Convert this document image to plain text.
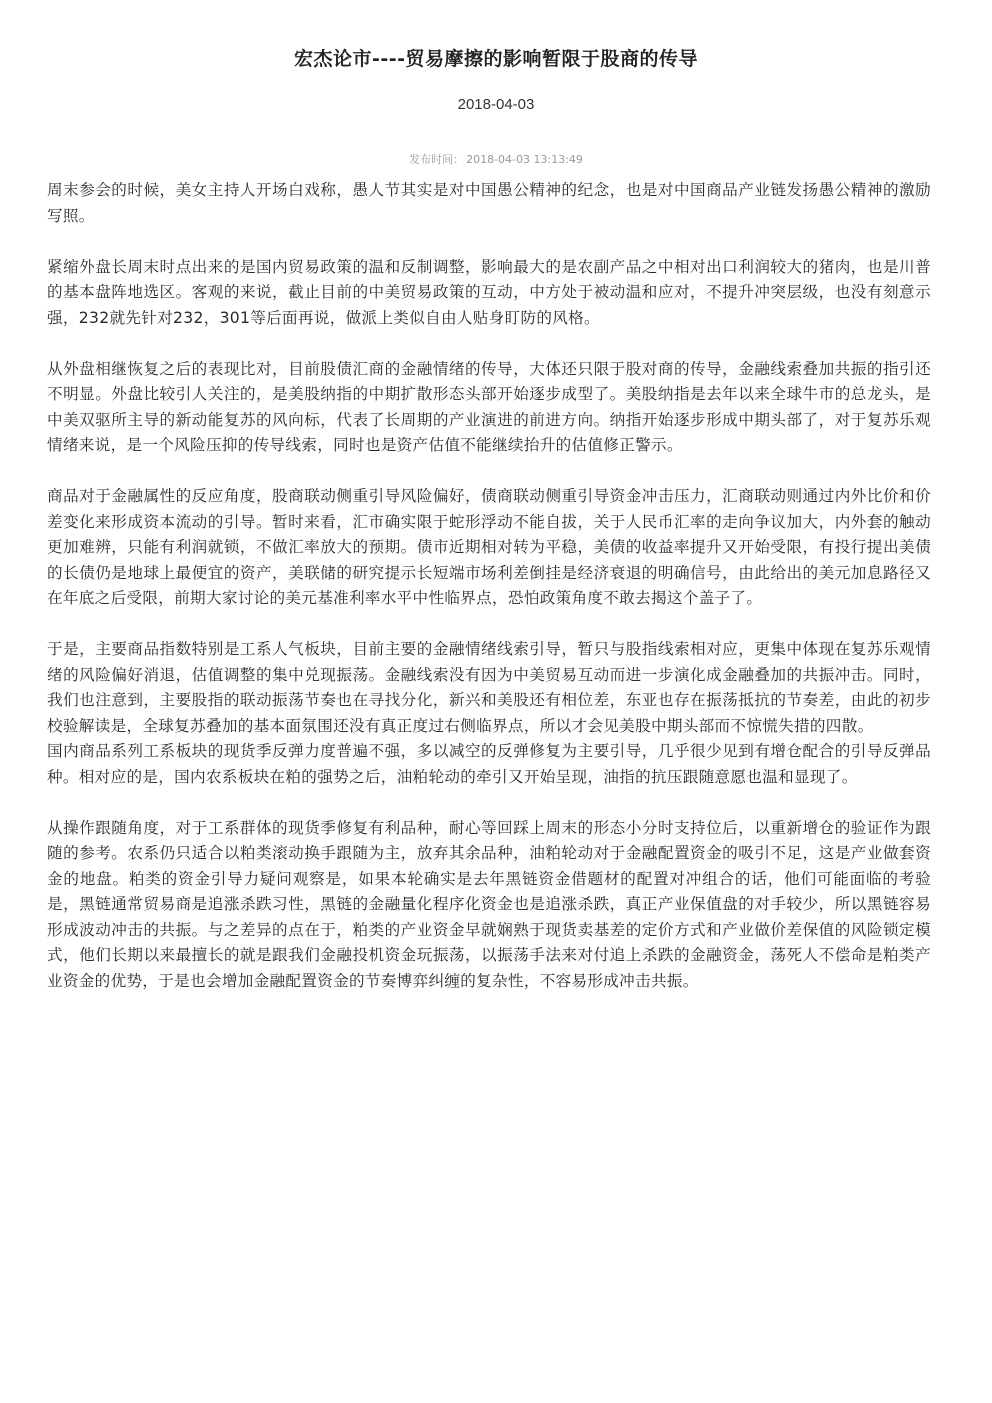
宏杰论市----贸易摩擦的影响暂限于股商的传导
2018-04-03
发布时间： 2018-04-03 13:13:49

周末参会的时候，美女主持人开场白戏称，愚人节其实是对中国愚公精神的纪念，也是对中国商品产业链发扬愚公精神的激励写照。

紧缩外盘长周末时点出来的是国内贸易政策的温和反制调整，影响最大的是农副产品之中相对出口利润较大的猪肉，也是川普的基本盘阵地选区。客观的来说，截止目前的中美贸易政策的互动，中方处于被动温和应对，不提升冲突层级，也没有刻意示强，232就先针对232，301等后面再说，做派上类似自由人贴身盯防的风格。

从外盘相继恢复之后的表现比对，目前股债汇商的金融情绪的传导，大体还只限于股对商的传导，金融线索叠加共振的指引还不明显。外盘比较引人关注的，是美股纳指的中期扩散形态头部开始逐步成型了。美股纳指是去年以来全球牛市的总龙头，是中美双驱所主导的新动能复苏的风向标，代表了长周期的产业演进的前进方向。纳指开始逐步形成中期头部了，对于复苏乐观情绪来说，是一个风险压抑的传导线索，同时也是资产估值不能继续抬升的估值修正警示。

商品对于金融属性的反应角度，股商联动侧重引导风险偏好，债商联动侧重引导资金冲击压力，汇商联动则通过内外比价和价差变化来形成资本流动的引导。暂时来看，汇市确实限于蛇形浮动不能自拔，关于人民币汇率的走向争议加大，内外套的触动更加难辨，只能有利润就锁，不做汇率放大的预期。债市近期相对转为平稳，美债的收益率提升又开始受限，有投行提出美债的长债仍是地球上最便宜的资产，美联储的研究提示长短端市场利差倒挂是经济衰退的明确信号，由此给出的美元加息路径又在年底之后受限，前期大家讨论的美元基准利率水平中性临界点，恐怕政策角度不敢去揭这个盖子了。

于是，主要商品指数特别是工系人气板块，目前主要的金融情绪线索引导，暂只与股指线索相对应，更集中体现在复苏乐观情绪的风险偏好消退，估值调整的集中兑现振荡。金融线索没有因为中美贸易互动而进一步演化成金融叠加的共振冲击。同时，我们也注意到，主要股指的联动振荡节奏也在寻找分化，新兴和美股还有相位差，东亚也存在振荡抵抗的节奏差，由此的初步校验解读是，全球复苏叠加的基本面氛围还没有真正度过右侧临界点，所以才会见美股中期头部而不惊慌失措的四散。

国内商品系列工系板块的现货季反弹力度普遍不强，多以减空的反弹修复为主要引导，几乎很少见到有增仓配合的引导反弹品种。相对应的是，国内农系板块在粕的强势之后，油粕轮动的牵引又开始呈现，油指的抗压跟随意愿也温和显现了。

从操作跟随角度，对于工系群体的现货季修复有利品种，耐心等回踩上周末的形态小分时支持位后，以重新增仓的验证作为跟随的参考。农系仍只适合以粕类滚动换手跟随为主，放弃其余品种，油粕轮动对于金融配置资金的吸引不足，这是产业做套资金的地盘。粕类的资金引导力疑问观察是，如果本轮确实是去年黑链资金借题材的配置对冲组合的话，他们可能面临的考验是，黑链通常贸易商是追涨杀跌习性，黑链的金融量化程序化资金也是追涨杀跌，真正产业保值盘的对手较少，所以黑链容易形成波动冲击的共振。与之差异的点在于，粕类的产业资金早就娴熟于现货卖基差的定价方式和产业做价差保值的风险锁定模式，他们长期以来最擅长的就是跟我们金融投机资金玩振荡，以振荡手法来对付追上杀跌的金融资金，荡死人不偿命是粕类产业资金的优势，于是也会增加金融配置资金的节奏博弈纠缠的复杂性，不容易形成冲击共振。
